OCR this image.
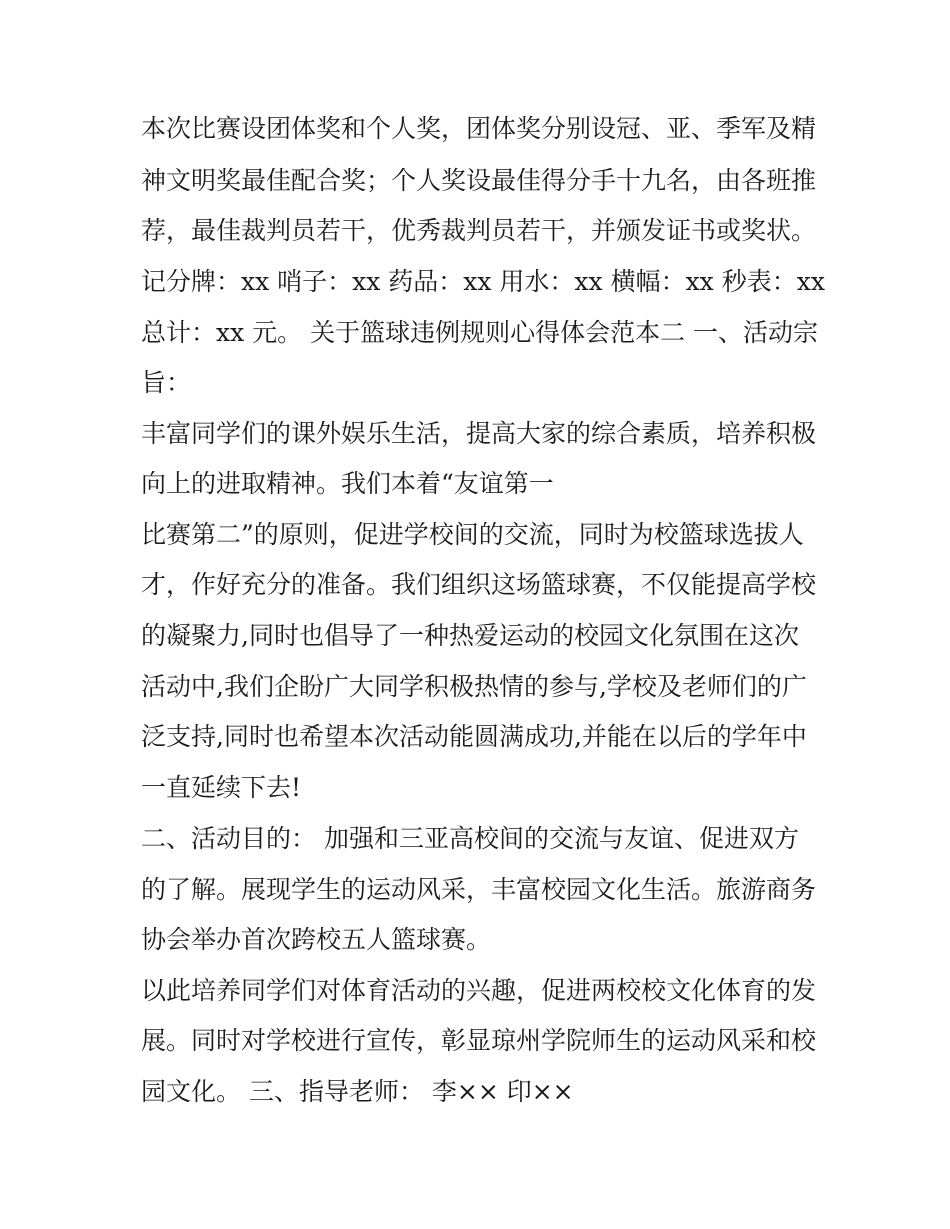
本次比赛设团体奖和个人奖，团体奖分别设冠、亚、季军及精
神文明奖最佳配合奖；个人奖设最佳得分手十九名，由各班推
荐，最佳裁判员若干，优秀裁判员若干，并颁发证书或奖状。
记分牌：xx 哨子：xx 药品：xx 用水：xx 横幅：xx 秒表：xx
总计：xx 元。 关于篮球违例规则心得体会范本二 一、活动宗
旨：
丰富同学们的课外娱乐生活，提高大家的综合素质，培养积极
向上的进取精神。我们本着“友谊第一
比赛第二”的原则，促进学校间的交流，同时为校篮球选拔人
才，作好充分的准备。我们组织这场篮球赛，不仅能提高学校
的凝聚力,同时也倡导了一种热爱运动的校园文化氛围在这次
活动中,我们企盼广大同学积极热情的参与,学校及老师们的广
泛支持,同时也希望本次活动能圆满成功,并能在以后的学年中
一直延续下去!
二、活动目的： 加强和三亚高校间的交流与友谊、促进双方
的了解。展现学生的运动风采，丰富校园文化生活。旅游商务
协会举办首次跨校五人篮球赛。
以此培养同学们对体育活动的兴趣，促进两校校文化体育的发
展。同时对学校进行宣传，彰显琼州学院师生的运动风采和校
园文化。 三、指导老师： 李×× 印××
